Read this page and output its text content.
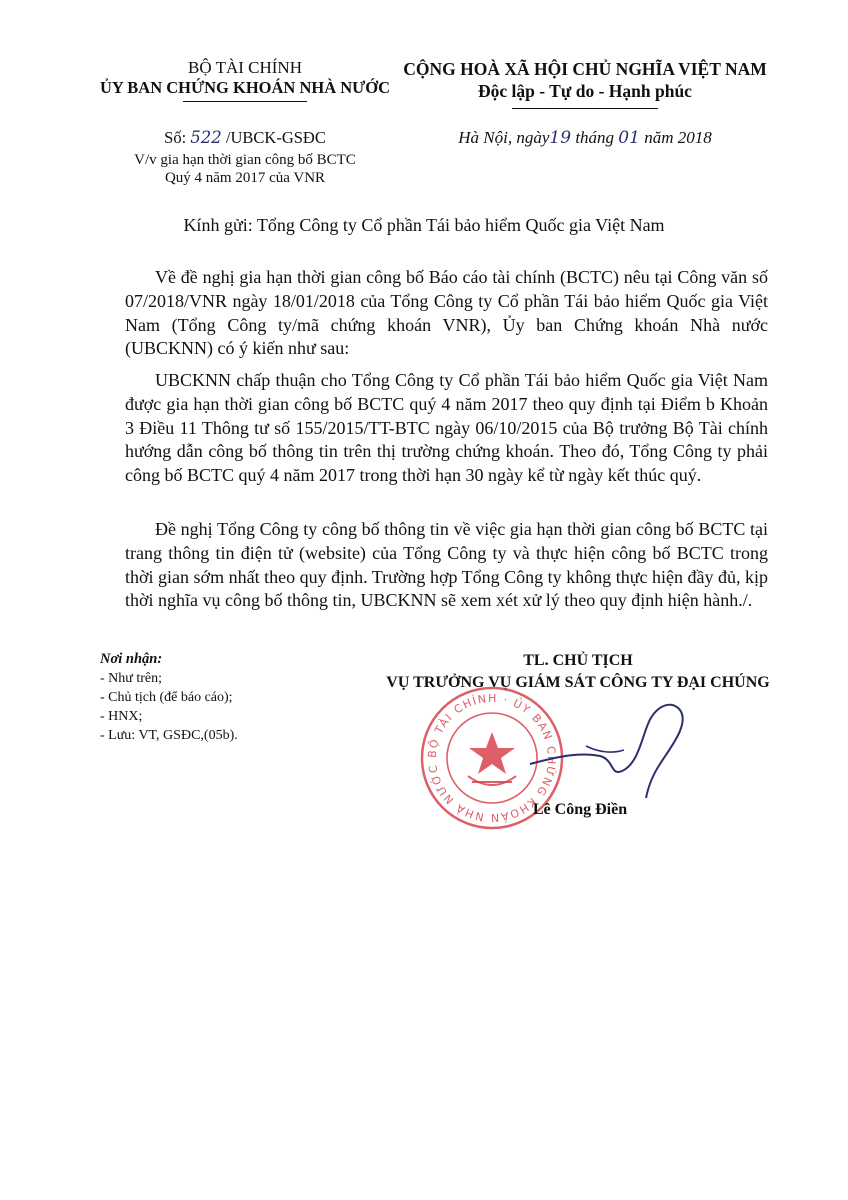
BỘ TÀI CHÍNH
ỦY BAN CHỨNG KHOÁN NHÀ NƯỚC
Số: 522 /UBCK-GSĐC
V/v gia hạn thời gian công bố BCTC
Quý 4 năm 2017 của VNR
CỘNG HOÀ XÃ HỘI CHỦ NGHĨA VIỆT NAM
Độc lập - Tự do - Hạnh phúc
Hà Nội, ngày19 tháng 01 năm 2018
Kính gửi: Tổng Công ty Cổ phần Tái bảo hiểm Quốc gia Việt Nam
Về đề nghị gia hạn thời gian công bố Báo cáo tài chính (BCTC) nêu tại Công văn số 07/2018/VNR ngày 18/01/2018 của Tổng Công ty Cổ phần Tái bảo hiểm Quốc gia Việt Nam (Tổng Công ty/mã chứng khoán VNR), Ủy ban Chứng khoán Nhà nước (UBCKNN) có ý kiến như sau:
UBCKNN chấp thuận cho Tổng Công ty Cổ phần Tái bảo hiểm Quốc gia Việt Nam được gia hạn thời gian công bố BCTC quý 4 năm 2017 theo quy định tại Điểm b Khoản 3 Điều 11 Thông tư số 155/2015/TT-BTC ngày 06/10/2015 của Bộ trưởng Bộ Tài chính hướng dẫn công bố thông tin trên thị trường chứng khoán. Theo đó, Tổng Công ty phải công bố BCTC quý 4 năm 2017 trong thời hạn 30 ngày kể từ ngày kết thúc quý.
Đề nghị Tổng Công ty công bố thông tin về việc gia hạn thời gian công bố BCTC tại trang thông tin điện tử (website) của Tổng Công ty và thực hiện công bố BCTC trong thời gian sớm nhất theo quy định. Trường hợp Tổng Công ty không thực hiện đầy đủ, kịp thời nghĩa vụ công bố thông tin, UBCKNN sẽ xem xét xử lý theo quy định hiện hành./.
Nơi nhận:
- Như trên;
- Chủ tịch (để báo cáo);
- HNX;
- Lưu: VT, GSĐC,(05b).
TL. CHỦ TỊCH
VỤ TRƯỞNG VỤ GIÁM SÁT CÔNG TY ĐẠI CHÚNG
BỘ TÀI CHÍNH · ỦY BAN CHỨNG KHOÁN NHÀ NƯỚC
Lê Công Điền
